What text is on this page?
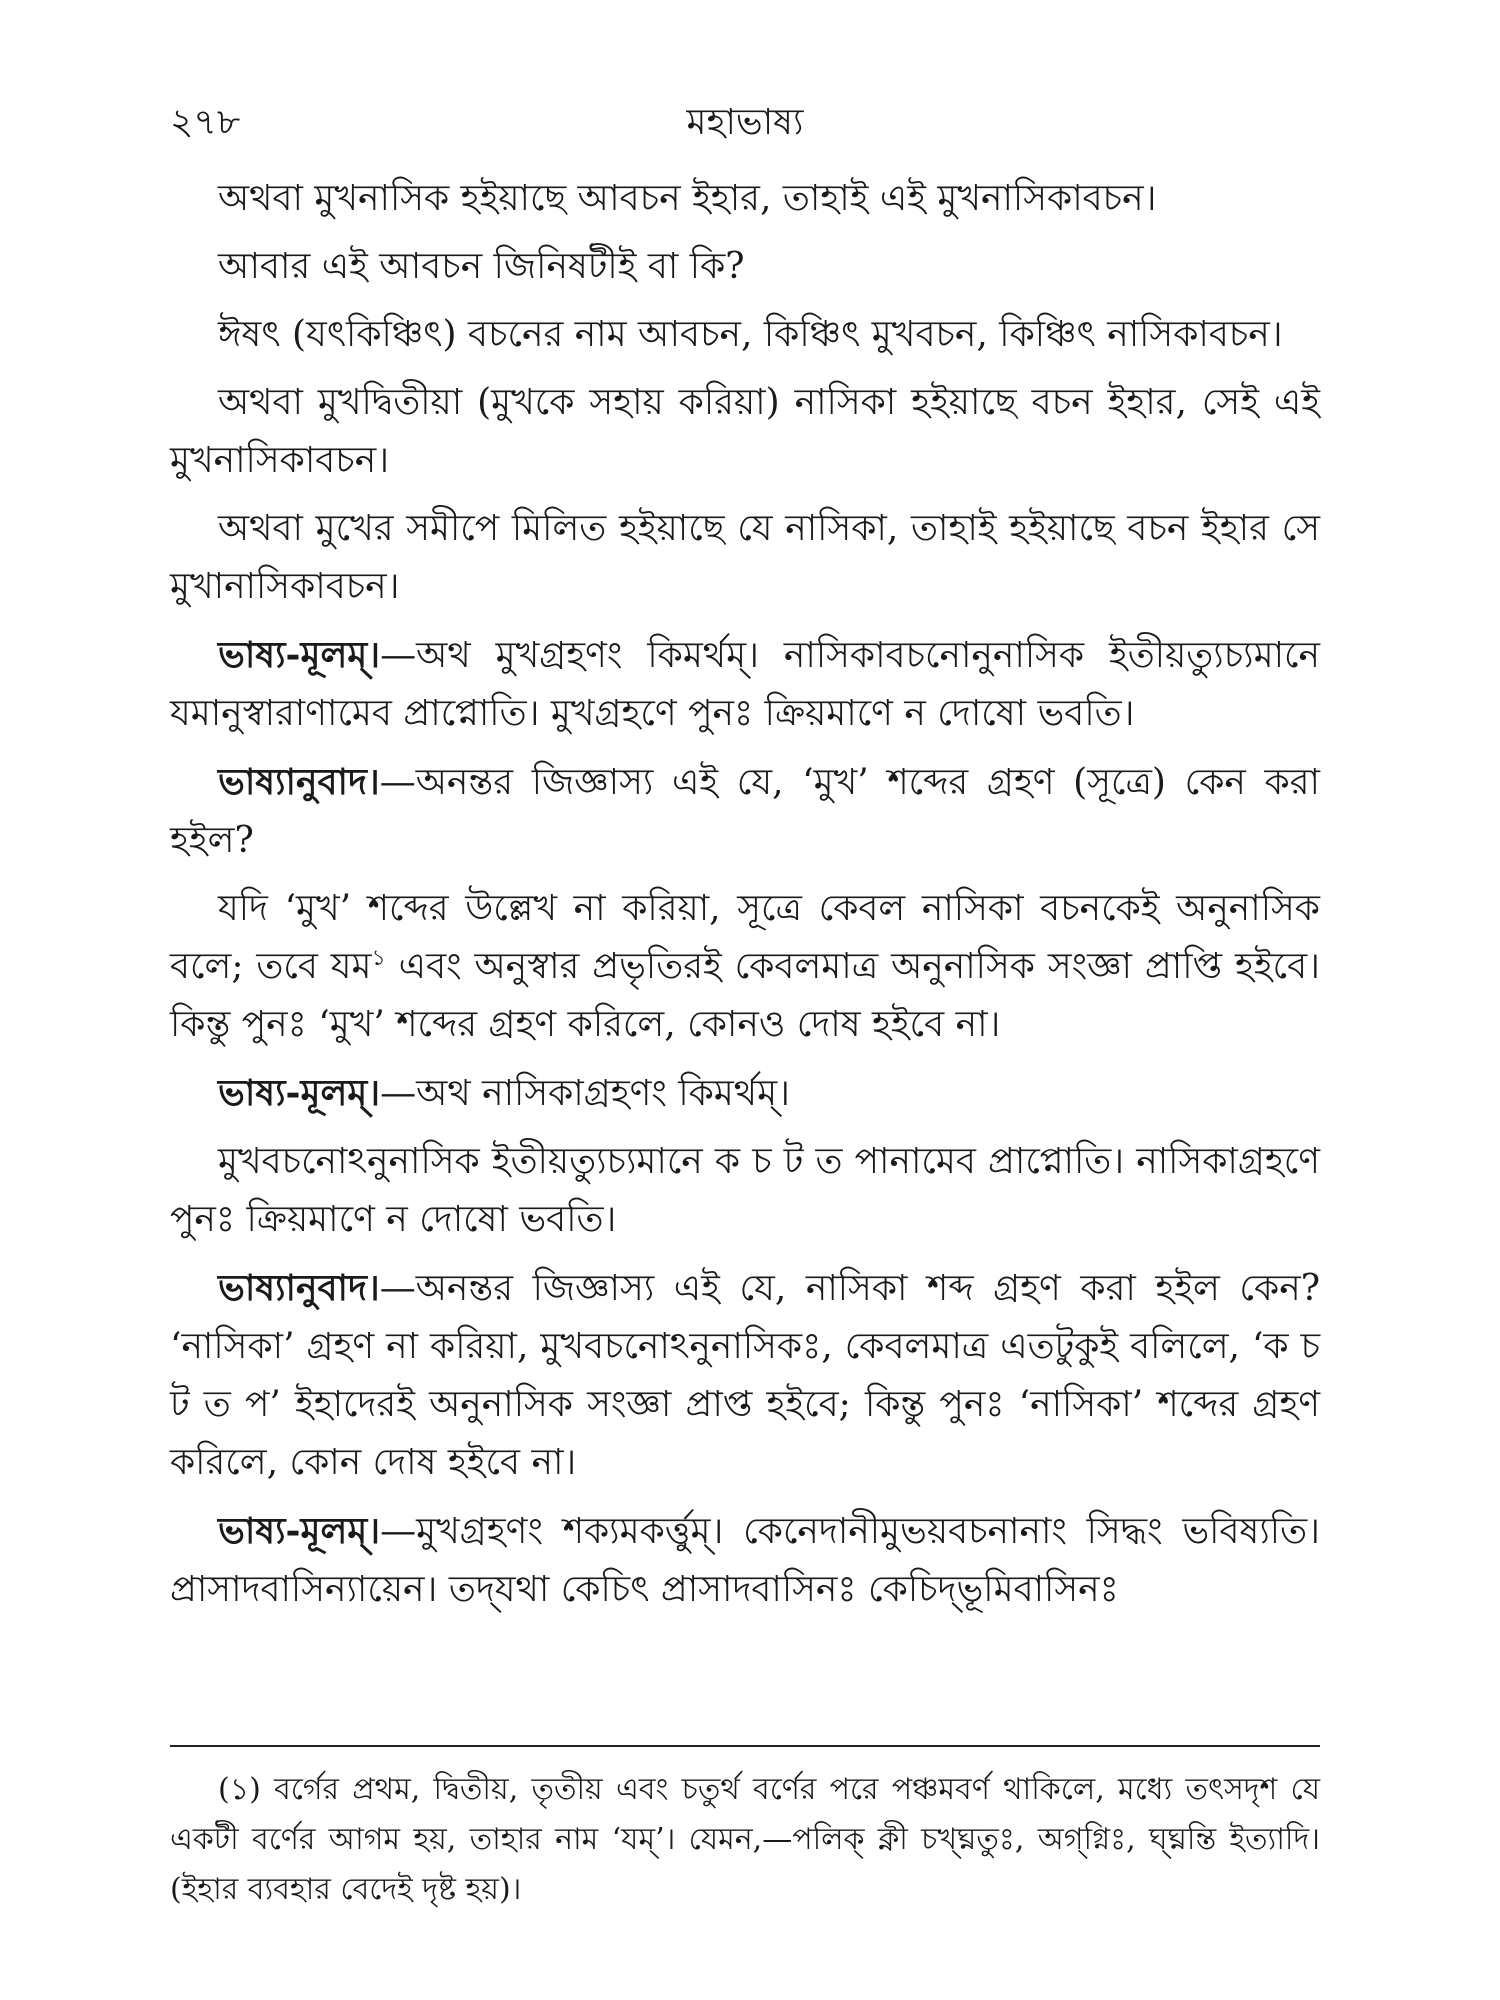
২৭৮	মহাভাষ্য

অথবা মুখনাসিক হইয়াছে আবচন ইহার, তাহাই এই মুখনাসিকাবচন।

আবার এই আবচন জিনিষটীই বা কি?

ঈষৎ (যৎকিঞ্চিৎ) বচনের নাম আবচন, কিঞ্চিৎ মুখবচন, কিঞ্চিৎ নাসিকাবচন।

অথবা মুখদ্বিতীয়া (মুখকে সহায় করিয়া) নাসিকা হইয়াছে বচন ইহার, সেই এই মুখনাসিকাবচন।

অথবা মুখের সমীপে মিলিত হইয়াছে যে নাসিকা, তাহাই হইয়াছে বচন ইহার সে মুখানাসিকাবচন।

ভাষ্য-মূলম্‌।—অথ মুখগ্রহণং কিমর্থম্‌। নাসিকাবচনোনুনাসিক ইতীয়ত্যুচ্যমানে যমানুস্বারাণামেব প্রাপ্নোতি। মুখগ্রহণে পুনঃ ক্রিয়মাণে ন দোষো ভবতি।

ভাষ্যানুবাদ।—অনন্তর জিজ্ঞাস্য এই যে, ‘মুখ’ শব্দের গ্রহণ (সূত্রে) কেন করা হইল?

যদি ‘মুখ’ শব্দের উল্লেখ না করিয়া, সূত্রে কেবল নাসিকা বচনকেই অনুনাসিক বলে; তবে যম$^১$ এবং অনুস্বার প্রভৃতিরই কেবলমাত্র অনুনাসিক সংজ্ঞা প্রাপ্তি হইবে। কিন্তু পুনঃ ‘মুখ’ শব্দের গ্রহণ করিলে, কোনও দোষ হইবে না।

ভাষ্য-মূলম্‌।—অথ নাসিকাগ্রহণং কিমর্থম্‌।

মুখবচনোঽনুনাসিক ইতীয়ত্যুচ্যমানে ক চ ট ত পানামেব প্রাপ্নোতি। নাসিকাগ্রহণে পুনঃ ক্রিয়মাণে ন দোষো ভবতি।

ভাষ্যানুবাদ।—অনন্তর জিজ্ঞাস্য এই যে, নাসিকা শব্দ গ্রহণ করা হইল কেন? ‘নাসিকা’ গ্রহণ না করিয়া, মুখবচনোঽনুনাসিকঃ, কেবলমাত্র এতটুকুই বলিলে, ‘ক চ ট ত প’ ইহাদেরই অনুনাসিক সংজ্ঞা প্রাপ্ত হইবে; কিন্তু পুনঃ ‘নাসিকা’ শব্দের গ্রহণ করিলে, কোন দোষ হইবে না।

ভাষ্য-মূলম্‌।—মুখগ্রহণং শক্যমকর্ত্তুম্‌। কেনেদানীমুভয়বচনানাং সিদ্ধং ভবিষ্যতি। প্রাসাদবাসিন্যায়েন। তদ্‌যথা কেচিৎ প্রাসাদবাসিনঃ কেচিদ্‌ভূমিবাসিনঃ

(১) বর্গের প্রথম, দ্বিতীয়, তৃতীয় এবং চতুর্থ বর্ণের পরে পঞ্চমবর্ণ থাকিলে, মধ্যে তৎসদৃশ যে একটী বর্ণের আগম হয়, তাহার নাম ‘যম্‌’। যেমন,—পলিক্‌ ক্নী চখ্‌ঘ্নতুঃ, অগ্‌গ্নিঃ, ঘ্‌ঘ্নন্তি ইত্যাদি। (ইহার ব্যবহার বেদেই দৃষ্ট হয়)।
